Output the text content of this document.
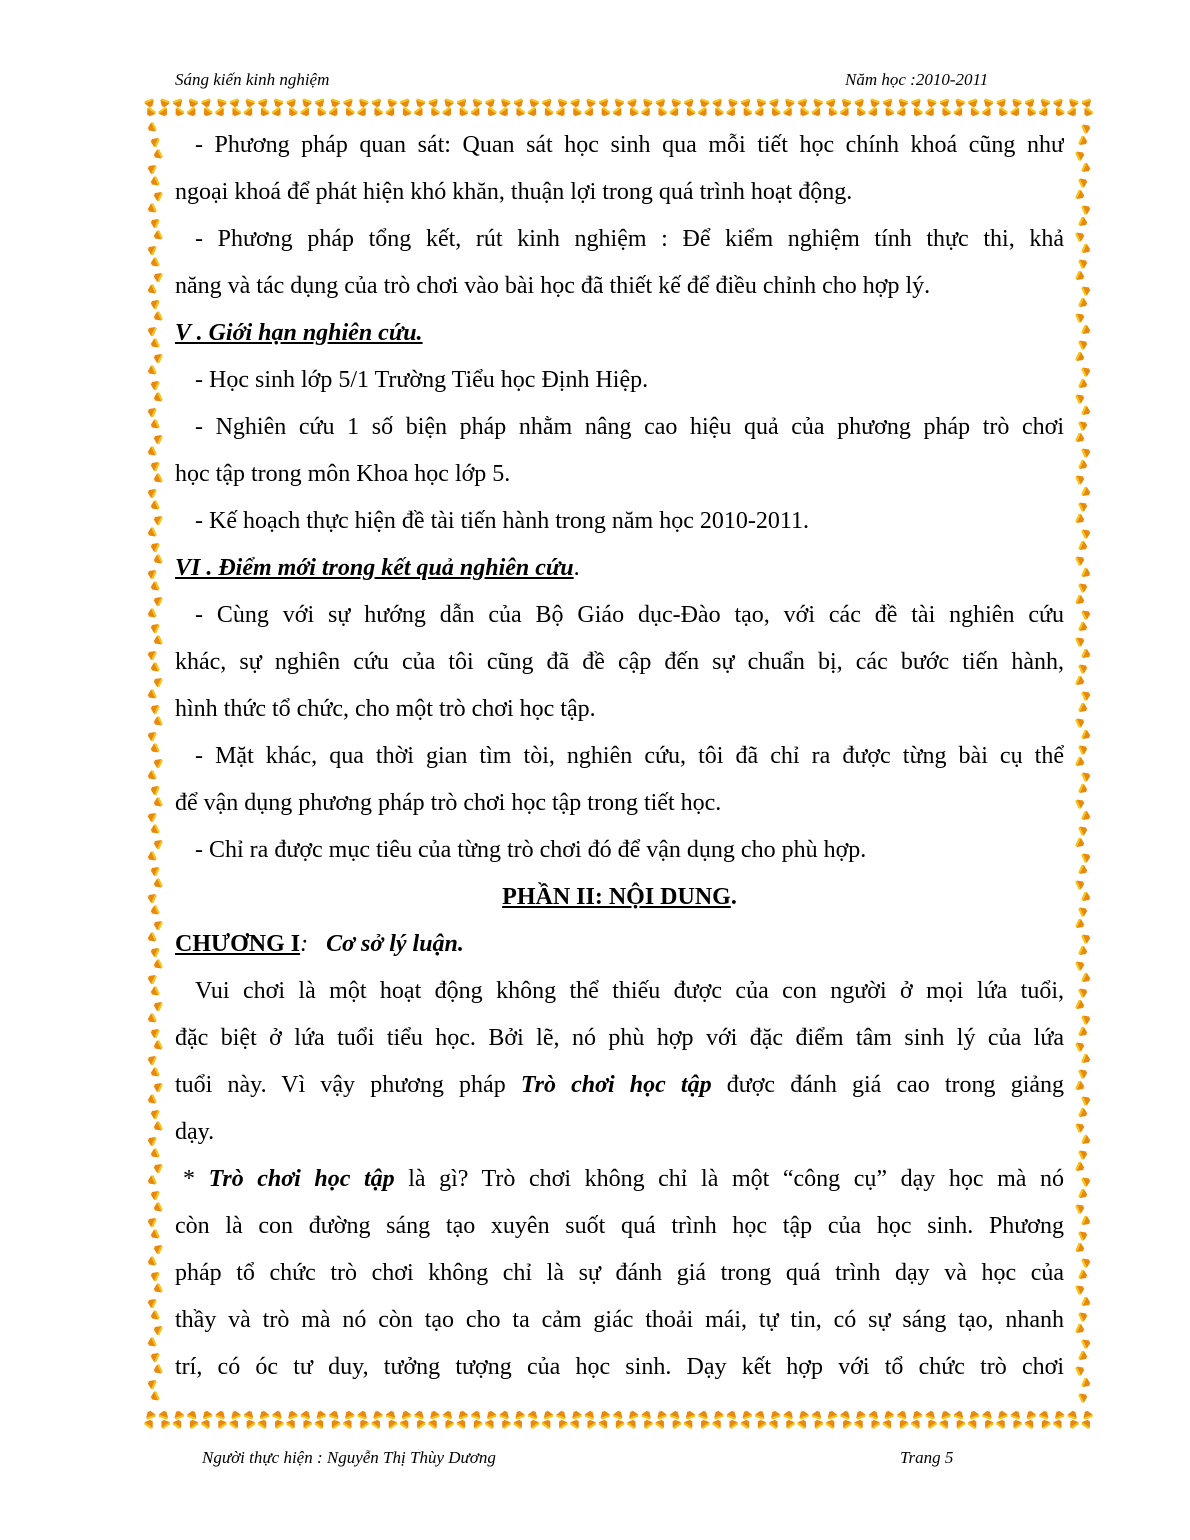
Sáng kiến kinh nghiệm	Năm học :2010-2011
- Phương pháp quan sát: Quan sát học sinh qua mỗi tiết học chính khoá cũng như
ngoại khoá để phát hiện khó khăn, thuận lợi trong quá trình hoạt động.
- Phương pháp tổng kết, rút kinh nghiệm : Để kiểm nghiệm tính thực thi, khả
năng và tác dụng của trò chơi vào bài học đã thiết kế để điều chỉnh cho hợp lý.
V . Giới hạn nghiên cứu.
- Học sinh lớp 5/1 Trường Tiểu học Định Hiệp.
- Nghiên cứu 1 số biện pháp nhằm nâng cao hiệu quả của phương pháp trò chơi
học tập trong môn Khoa học lớp 5.
- Kế hoạch thực hiện đề tài tiến hành trong năm học 2010-2011.
VI . Điểm mới trong kết quả nghiên cứu.
- Cùng với sự hướng dẫn của Bộ Giáo dục-Đào tạo, với các đề tài nghiên cứu
khác, sự nghiên cứu của tôi cũng đã đề cập đến sự chuẩn bị, các bước tiến hành,
hình thức tổ chức, cho một trò chơi học tập.
- Mặt khác, qua thời gian tìm tòi, nghiên cứu, tôi đã chỉ ra được từng bài cụ thể
để vận dụng phương pháp trò chơi học tập trong tiết học.
- Chỉ ra được mục tiêu của từng trò chơi đó để vận dụng cho phù hợp.
PHẦN II: NỘI DUNG.
CHƯƠNG I:   Cơ sở lý luận.
Vui chơi là một hoạt động không thể thiếu được của con người ở mọi lứa tuổi,
đặc biệt ở lứa tuổi tiểu học. Bởi lẽ, nó phù hợp với đặc điểm tâm sinh lý của lứa
tuổi này. Vì vậy phương pháp Trò chơi học tập được đánh giá cao trong giảng
dạy.
* Trò chơi học tập là gì? Trò chơi không chỉ là một “công cụ” dạy học mà nó
còn là con đường sáng tạo xuyên suốt quá trình học tập của học sinh. Phương
pháp tổ chức trò chơi không chỉ là sự đánh giá trong quá trình dạy và học của
thầy và trò mà nó còn tạo cho ta cảm giác thoải mái, tự tin, có sự sáng tạo, nhanh
trí, có óc tư duy, tưởng tượng của học sinh. Dạy kết hợp với tổ chức trò chơi
Người thực hiện : Nguyễn Thị Thùy Dương	Trang 5
